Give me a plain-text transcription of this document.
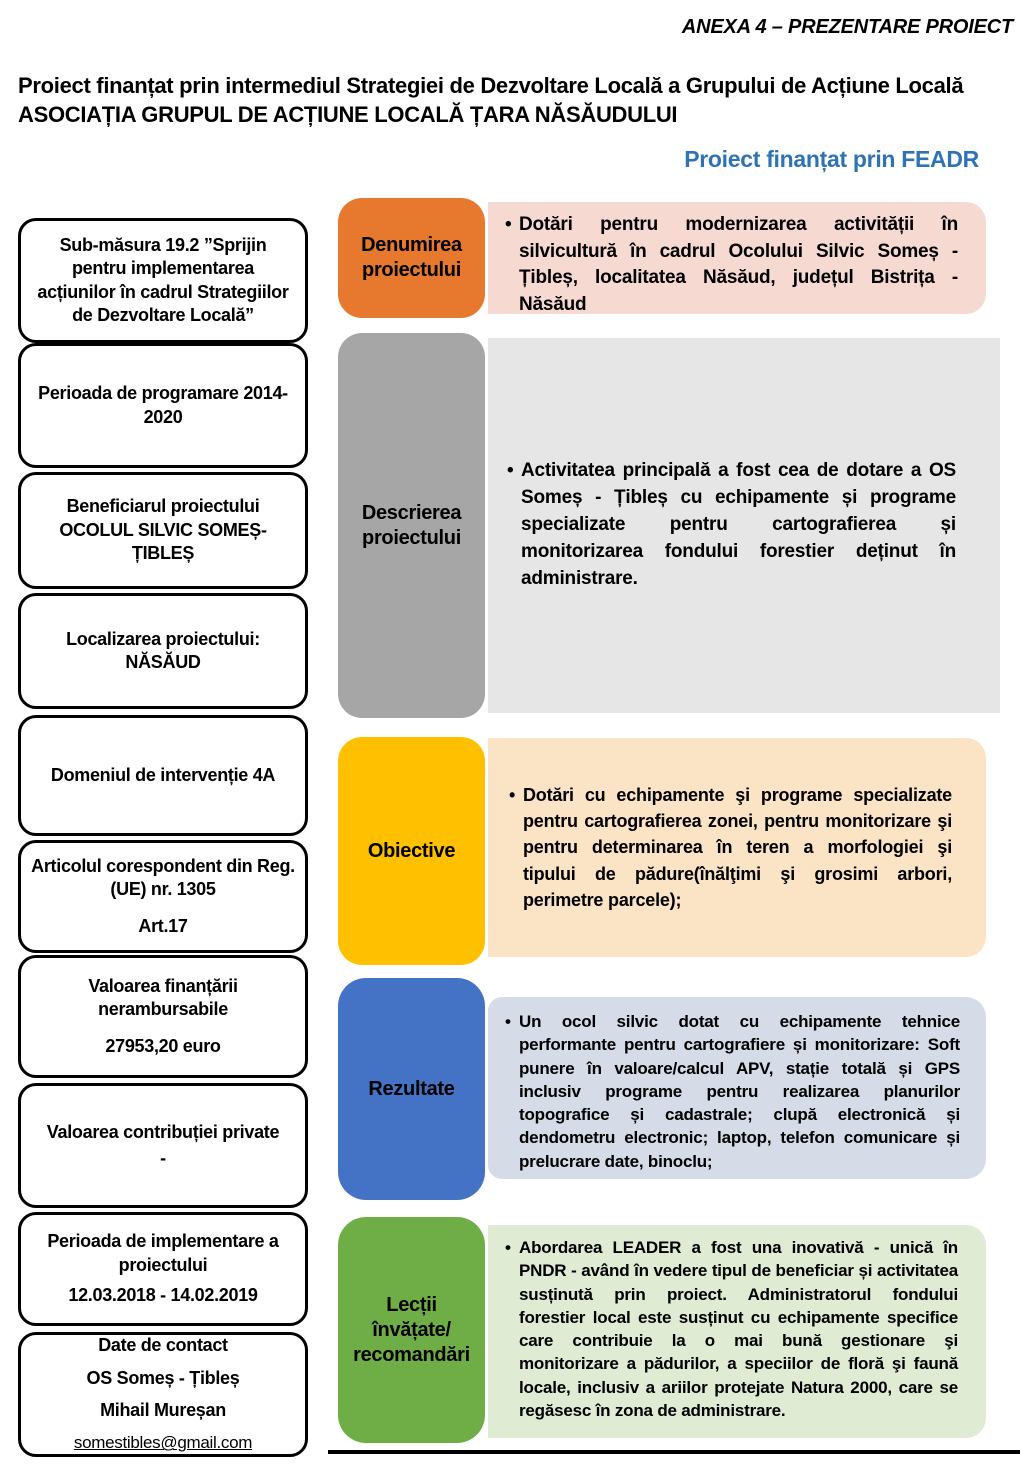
ANEXA 4 – PREZENTARE PROIECT
Proiect finanțat prin intermediul Strategiei de Dezvoltare Locală a Grupului de Acțiune Locală ASOCIAȚIA GRUPUL DE ACȚIUNE LOCALĂ ȚARA NĂSĂUDULUI
Proiect finanțat prin FEADR

Sub-măsura 19.2 ”Sprijin pentru implementarea acțiunilor în cadrul Strategiilor de Dezvoltare Locală”

Perioada de programare 2014-2020

Beneficiarul proiectului OCOLUL SILVIC SOMEȘ-ȚIBLEȘ

Localizarea proiectului: NĂSĂUD

Domeniul de intervenție 4A

Articolul corespondent din Reg. (UE) nr. 1305

Art.17

Valoarea finanțării nerambursabile

27953,20 euro

Valoarea contribuției private

-

Perioada de implementare a proiectului

12.03.2018 - 14.02.2019

Date de contact

OS Someș - Țibleș

Mihail Mureșan

somestibles@gmail.com

Denumirea proiectului
Descrierea proiectului
Obiective
Rezultate
Lecții învățate/ recomandări

• Dotări pentru modernizarea activității în silvicultură în cadrul Ocolului Silvic Someș - Țibleș, localitatea Năsăud, județul Bistrița - Năsăud

• Activitatea principală a fost cea de dotare a OS Someș - Țibleș cu echipamente și programe specializate pentru cartografierea și monitorizarea fondului forestier deținut în administrare.

• Dotări cu echipamente şi programe specializate pentru cartografierea zonei, pentru monitorizare şi pentru determinarea în teren a morfologiei şi tipului de pădure(înălţimi şi grosimi arbori, perimetre parcele);

• Un ocol silvic dotat cu echipamente tehnice performante pentru cartografiere și monitorizare: Soft punere în valoare/calcul APV, stație totală și GPS inclusiv programe pentru realizarea planurilor topografice și cadastrale; clupă electronică și dendometru electronic; laptop, telefon comunicare și prelucrare date, binoclu;

• Abordarea LEADER a fost una inovativă - unică în PNDR - având în vedere tipul de beneficiar și activitatea susținută prin proiect. Administratorul fondului forestier local este susținut cu echipamente specifice care contribuie la o mai bună gestionare şi monitorizare a pădurilor, a speciilor de floră şi faună locale, inclusiv a ariilor protejate Natura 2000, care se regăsesc în zona de administrare.
